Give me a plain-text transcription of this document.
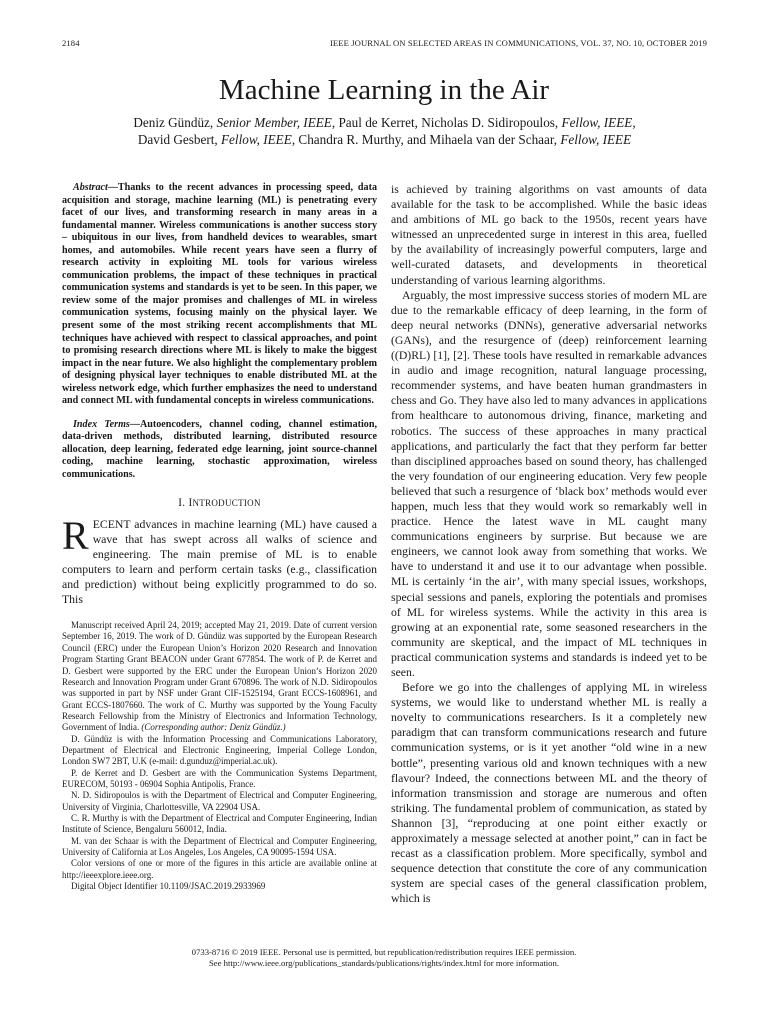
2184	IEEE JOURNAL ON SELECTED AREAS IN COMMUNICATIONS, VOL. 37, NO. 10, OCTOBER 2019
Machine Learning in the Air
Deniz Gündüz, Senior Member, IEEE, Paul de Kerret, Nicholas D. Sidiropoulos, Fellow, IEEE,
David Gesbert, Fellow, IEEE, Chandra R. Murthy, and Mihaela van der Schaar, Fellow, IEEE

Abstract—Thanks to the recent advances in processing speed, data acquisition and storage, machine learning (ML) is penetrating every facet of our lives, and transforming research in many areas in a fundamental manner. Wireless communications is another success story – ubiquitous in our lives, from handheld devices to wearables, smart homes, and automobiles. While recent years have seen a flurry of research activity in exploiting ML tools for various wireless communication problems, the impact of these techniques in practical communication systems and standards is yet to be seen. In this paper, we review some of the major promises and challenges of ML in wireless communication systems, focusing mainly on the physical layer. We present some of the most striking recent accomplishments that ML techniques have achieved with respect to classical approaches, and point to promising research directions where ML is likely to make the biggest impact in the near future. We also highlight the complementary problem of designing physical layer techniques to enable distributed ML at the wireless network edge, which further emphasizes the need to understand and connect ML with fundamental concepts in wireless communications.

Index Terms—Autoencoders, channel coding, channel estimation, data-driven methods, distributed learning, distributed resource allocation, deep learning, federated edge learning, joint source-channel coding, machine learning, stochastic approximation, wireless communications.

I. INTRODUCTION

RECENT advances in machine learning (ML) have caused a wave that has swept across all walks of science and engineering. The main premise of ML is to enable computers to learn and perform certain tasks (e.g., classification and prediction) without being explicitly programmed to do so. This

Manuscript received April 24, 2019; accepted May 21, 2019. Date of current version September 16, 2019. The work of D. Gündüz was supported by the European Research Council (ERC) under the European Union’s Horizon 2020 Research and Innovation Program Starting Grant BEACON under Grant 677854. The work of P. de Kerret and D. Gesbert were supported by the ERC under the European Union’s Horizon 2020 Research and Innovation Program under Grant 670896. The work of N.D. Sidiropoulos was supported in part by NSF under Grant CIF-1525194, Grant ECCS-1608961, and Grant ECCS-1807660. The work of C. Murthy was supported by the Young Faculty Research Fellowship from the Ministry of Electronics and Information Technology, Government of India. (Corresponding author: Deniz Gündüz.)

D. Gündüz is with the Information Processing and Communications Laboratory, Department of Electrical and Electronic Engineering, Imperial College London, London SW7 2BT, U.K (e-mail: d.gunduz@imperial.ac.uk).

P. de Kerret and D. Gesbert are with the Communication Systems Department, EURECOM, 50193 - 06904 Sophia Antipolis, France.

N. D. Sidiropoulos is with the Department of Electrical and Computer Engineering, University of Virginia, Charlottesville, VA 22904 USA.

C. R. Murthy is with the Department of Electrical and Computer Engineering, Indian Institute of Science, Bengaluru 560012, India.

M. van der Schaar is with the Department of Electrical and Computer Engineering, University of California at Los Angeles, Los Angeles, CA 90095-1594 USA.

Color versions of one or more of the figures in this article are available online at http://ieeexplore.ieee.org.

Digital Object Identifier 10.1109/JSAC.2019.2933969

is achieved by training algorithms on vast amounts of data available for the task to be accomplished. While the basic ideas and ambitions of ML go back to the 1950s, recent years have witnessed an unprecedented surge in interest in this area, fuelled by the availability of increasingly powerful computers, large and well-curated datasets, and developments in theoretical understanding of various learning algorithms.

Arguably, the most impressive success stories of modern ML are due to the remarkable efficacy of deep learning, in the form of deep neural networks (DNNs), generative adversarial networks (GANs), and the resurgence of (deep) reinforcement learning ((D)RL) [1], [2]. These tools have resulted in remarkable advances in audio and image recognition, natural language processing, recommender systems, and have beaten human grandmasters in chess and Go. They have also led to many advances in applications from healthcare to autonomous driving, finance, marketing and robotics. The success of these approaches in many practical applications, and particularly the fact that they perform far better than disciplined approaches based on sound theory, has challenged the very foundation of our engineering education. Very few people believed that such a resurgence of ‘black box’ methods would ever happen, much less that they would work so remarkably well in practice. Hence the latest wave in ML caught many communications engineers by surprise. But because we are engineers, we cannot look away from something that works. We have to understand it and use it to our advantage when possible. ML is certainly ‘in the air’, with many special issues, workshops, special sessions and panels, exploring the potentials and promises of ML for wireless systems. While the activity in this area is growing at an exponential rate, some seasoned researchers in the community are skeptical, and the impact of ML techniques in practical communication systems and standards is indeed yet to be seen.

Before we go into the challenges of applying ML in wireless systems, we would like to understand whether ML is really a novelty to communications researchers. Is it a completely new paradigm that can transform communications research and future communication systems, or is it yet another “old wine in a new bottle”, presenting various old and known techniques with a new flavour? Indeed, the connections between ML and the theory of information transmission and storage are numerous and often striking. The fundamental problem of communication, as stated by Shannon [3], “reproducing at one point either exactly or approximately a message selected at another point,” can in fact be recast as a classification problem. More specifically, symbol and sequence detection that constitute the core of any communication system are special cases of the general classification problem, which is

0733-8716 © 2019 IEEE. Personal use is permitted, but republication/redistribution requires IEEE permission.
See http://www.ieee.org/publications_standards/publications/rights/index.html for more information.
